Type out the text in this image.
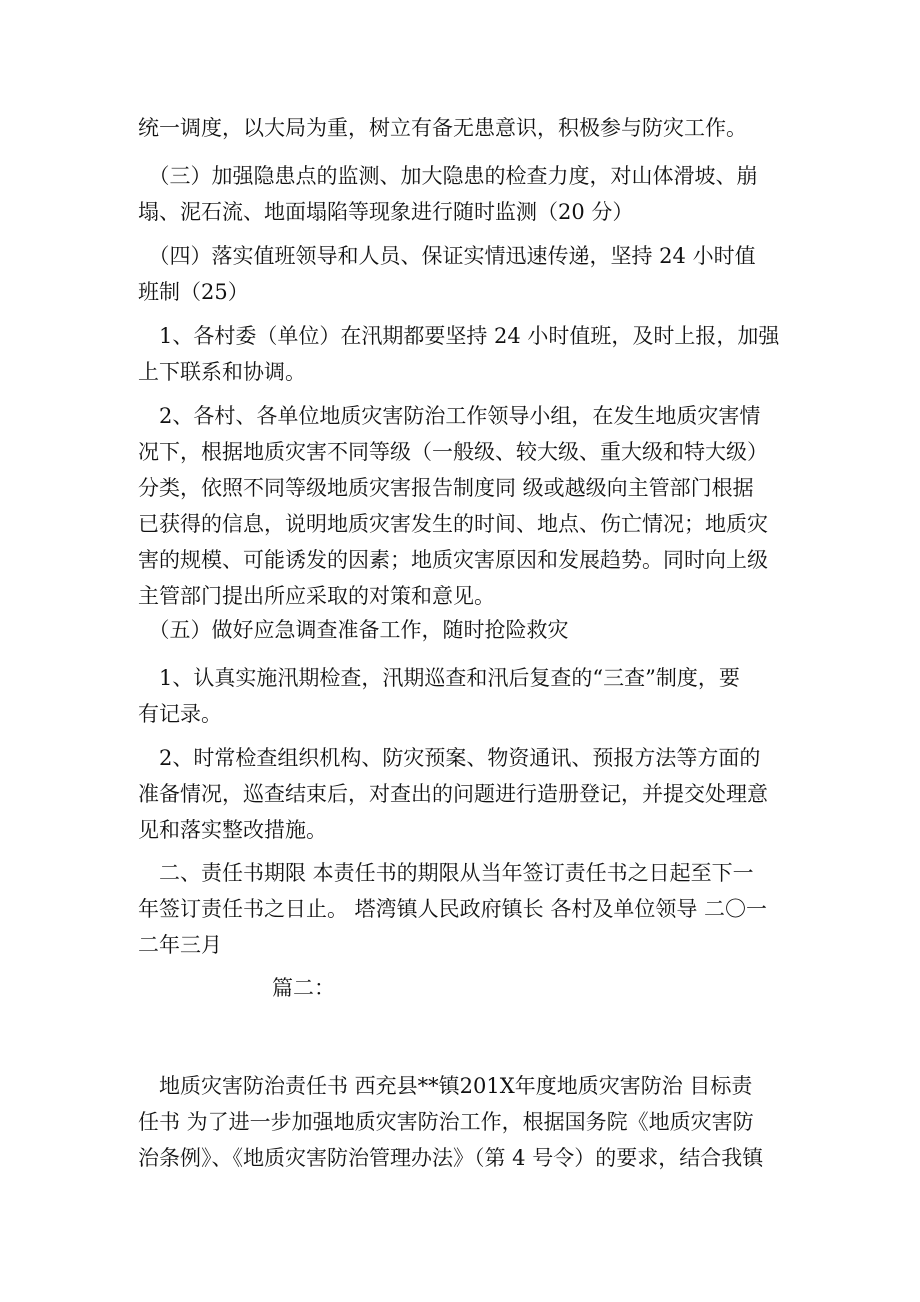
统一调度，以大局为重，树立有备无患意识，积极参与防灾工作。

　（三）加强隐患点的监测、加大隐患的检查力度，对山体滑坡、崩
塌、泥石流、地面塌陷等现象进行随时监测（20 分）

　（四）落实值班领导和人员、保证实情迅速传递，坚持 24 小时值
班制（25）

　1、各村委（单位）在汛期都要坚持 24 小时值班，及时上报，加强
上下联系和协调。

　2、各村、各单位地质灾害防治工作领导小组，在发生地质灾害情
况下，根据地质灾害不同等级（一般级、较大级、重大级和特大级）
分类，依照不同等级地质灾害报告制度同 级或越级向主管部门根据
已获得的信息，说明地质灾害发生的时间、地点、伤亡情况；地质灾
害的规模、可能诱发的因素；地质灾害原因和发展趋势。同时向上级
主管部门提出所应采取的对策和意见。

　（五）做好应急调查准备工作，随时抢险救灾

　1、认真实施汛期检查，汛期巡查和汛后复查的“三查”制度，要
有记录。

　2、时常检查组织机构、防灾预案、物资通讯、预报方法等方面的
准备情况，巡查结束后，对查出的问题进行造册登记，并提交处理意
见和落实整改措施。

　二、责任书期限 本责任书的期限从当年签订责任书之日起至下一
年签订责任书之日止。 塔湾镇人民政府镇长 各村及单位领导 二〇一
二年三月

篇二：

　地质灾害防治责任书 西充县**镇201X年度地质灾害防治 目标责
任书 为了进一步加强地质灾害防治工作，根据国务院《地质灾害防
治条例》、《地质灾害防治管理办法》（第 4 号令）的要求，结合我镇
